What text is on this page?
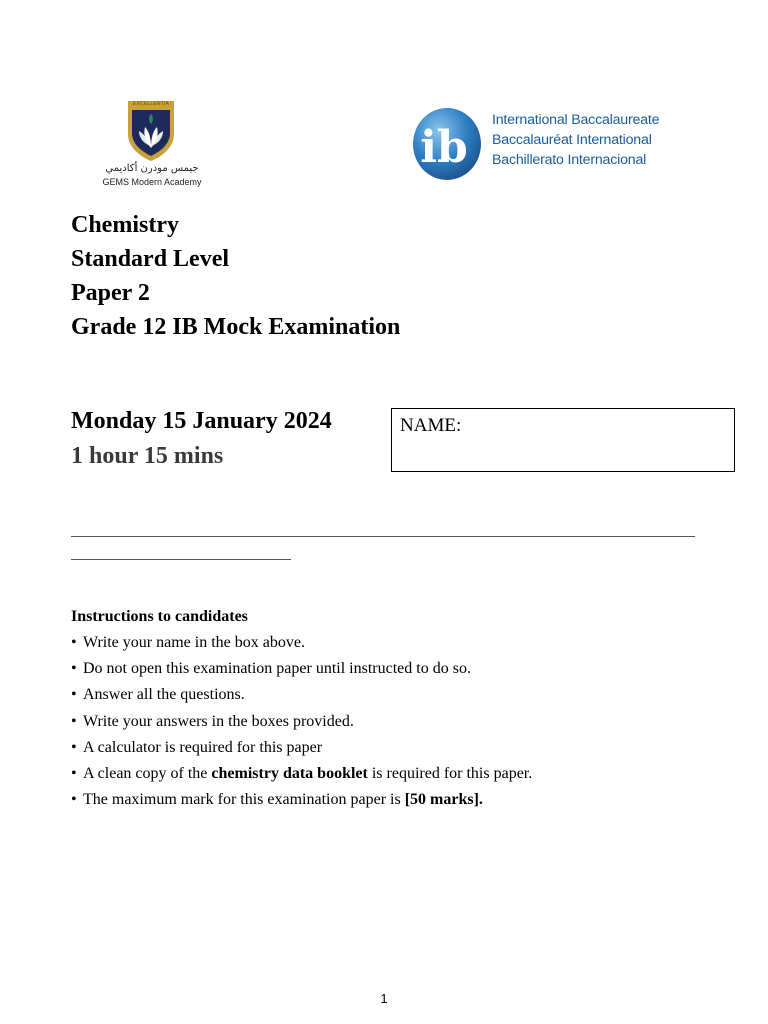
EXCELLENTIA
جيمس مودرن أكاديمي
GEMS Modern Academy
ib
International Baccalaureate
Baccalauréat International
Bachillerato Internacional
Chemistry
Standard Level
Paper 2
Grade 12 IB Mock Examination
Monday 15 January 2024
1 hour 15 mins
NAME:
Instructions to candidates
• Write your name in the box above.
• Do not open this examination paper until instructed to do so.
• Answer all the questions.
• Write your answers in the boxes provided.
• A calculator is required for this paper
• A clean copy of the chemistry data booklet is required for this paper.
• The maximum mark for this examination paper is [50 marks].
1
